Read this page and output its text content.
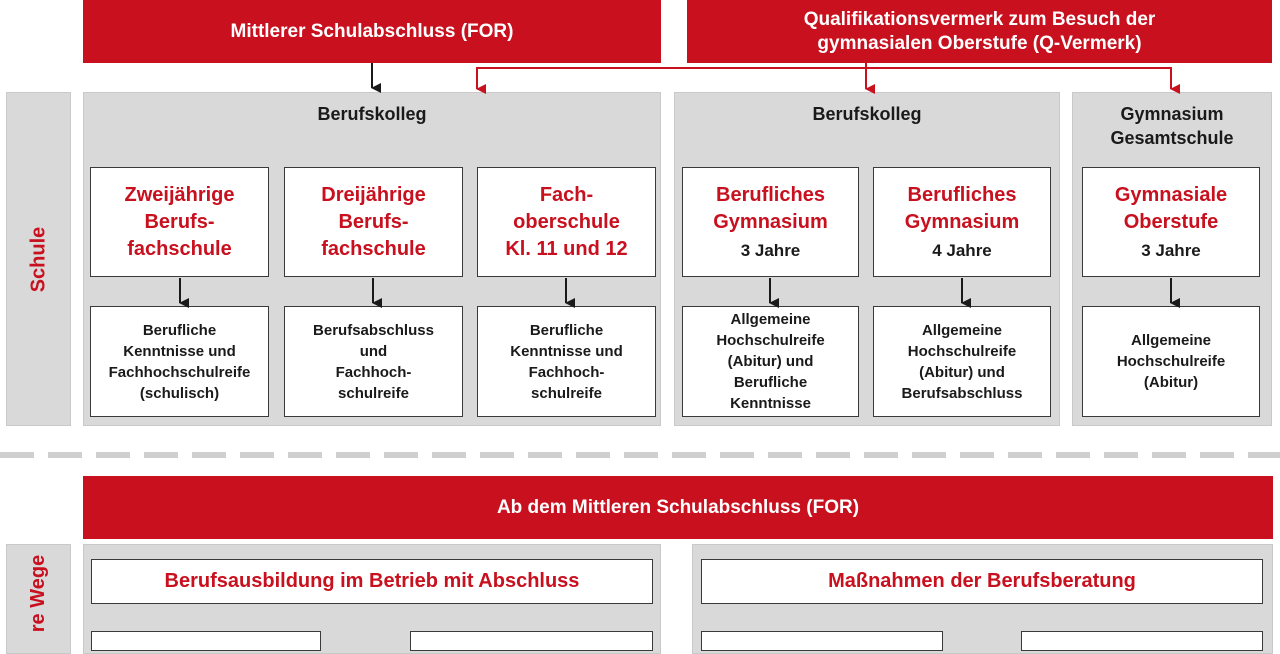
Mittlerer Schulabschluss (FOR)
Qualifikationsvermerk zum Besuch der
gymnasialen Oberstufe (Q-Vermerk)
Schule
Berufskolleg
Zweijährige
Berufs-
fachschule
Dreijährige
Berufs-
fachschule
Fach-
oberschule
Kl. 11 und 12
Berufliche
Kenntnisse und
Fachhochschulreife
(schulisch)
Berufsabschluss
und
Fachhoch-
schulreife
Berufliche
Kenntnisse und
Fachhoch-
schulreife
Berufskolleg
Berufliches
Gymnasium
3 Jahre
Berufliches
Gymnasium
4 Jahre
Allgemeine
Hochschulreife
(Abitur) und
Berufliche
Kenntnisse
Allgemeine
Hochschulreife
(Abitur) und
Berufsabschluss
Gymnasium
Gesamtschule
Gymnasiale
Oberstufe
3 Jahre
Allgemeine
Hochschulreife
(Abitur)
Ab dem Mittleren Schulabschluss (FOR)
re Wege	Berufsausbildung im Betrieb mit Abschluss	Maßnahmen der Berufsberatung
